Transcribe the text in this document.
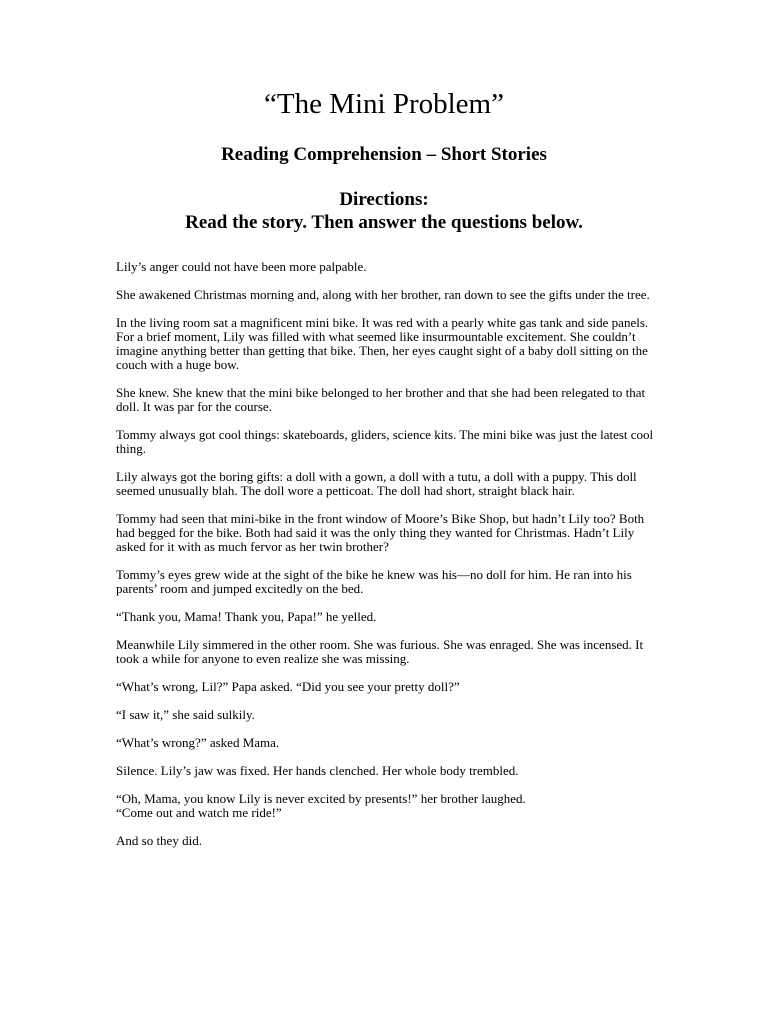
“The Mini Problem”
Reading Comprehension – Short Stories
Directions:
Read the story. Then answer the questions below.

Lily’s anger could not have been more palpable.

She awakened Christmas morning and, along with her brother, ran down to see the gifts under the tree.

In the living room sat a magnificent mini bike. It was red with a pearly white gas tank and side panels. For a brief moment, Lily was filled with what seemed like insurmountable excitement. She couldn’t imagine anything better than getting that bike. Then, her eyes caught sight of a baby doll sitting on the couch with a huge bow.

She knew. She knew that the mini bike belonged to her brother and that she had been relegated to that doll. It was par for the course.

Tommy always got cool things: skateboards, gliders, science kits. The mini bike was just the latest cool thing.

Lily always got the boring gifts: a doll with a gown, a doll with a tutu, a doll with a puppy. This doll seemed unusually blah. The doll wore a petticoat. The doll had short, straight black hair.

Tommy had seen that mini-bike in the front window of Moore’s Bike Shop, but hadn’t Lily too? Both had begged for the bike. Both had said it was the only thing they wanted for Christmas. Hadn’t Lily asked for it with as much fervor as her twin brother?

Tommy’s eyes grew wide at the sight of the bike he knew was his—no doll for him. He ran into his parents’ room and jumped excitedly on the bed.

“Thank you, Mama! Thank you, Papa!” he yelled.

Meanwhile Lily simmered in the other room. She was furious. She was enraged. She was incensed. It took a while for anyone to even realize she was missing.

“What’s wrong, Lil?” Papa asked. “Did you see your pretty doll?”

“I saw it,” she said sulkily.

“What’s wrong?” asked Mama.

Silence. Lily’s jaw was fixed. Her hands clenched. Her whole body trembled.

“Oh, Mama, you know Lily is never excited by presents!” her brother laughed.

“Come out and watch me ride!”

And so they did.
